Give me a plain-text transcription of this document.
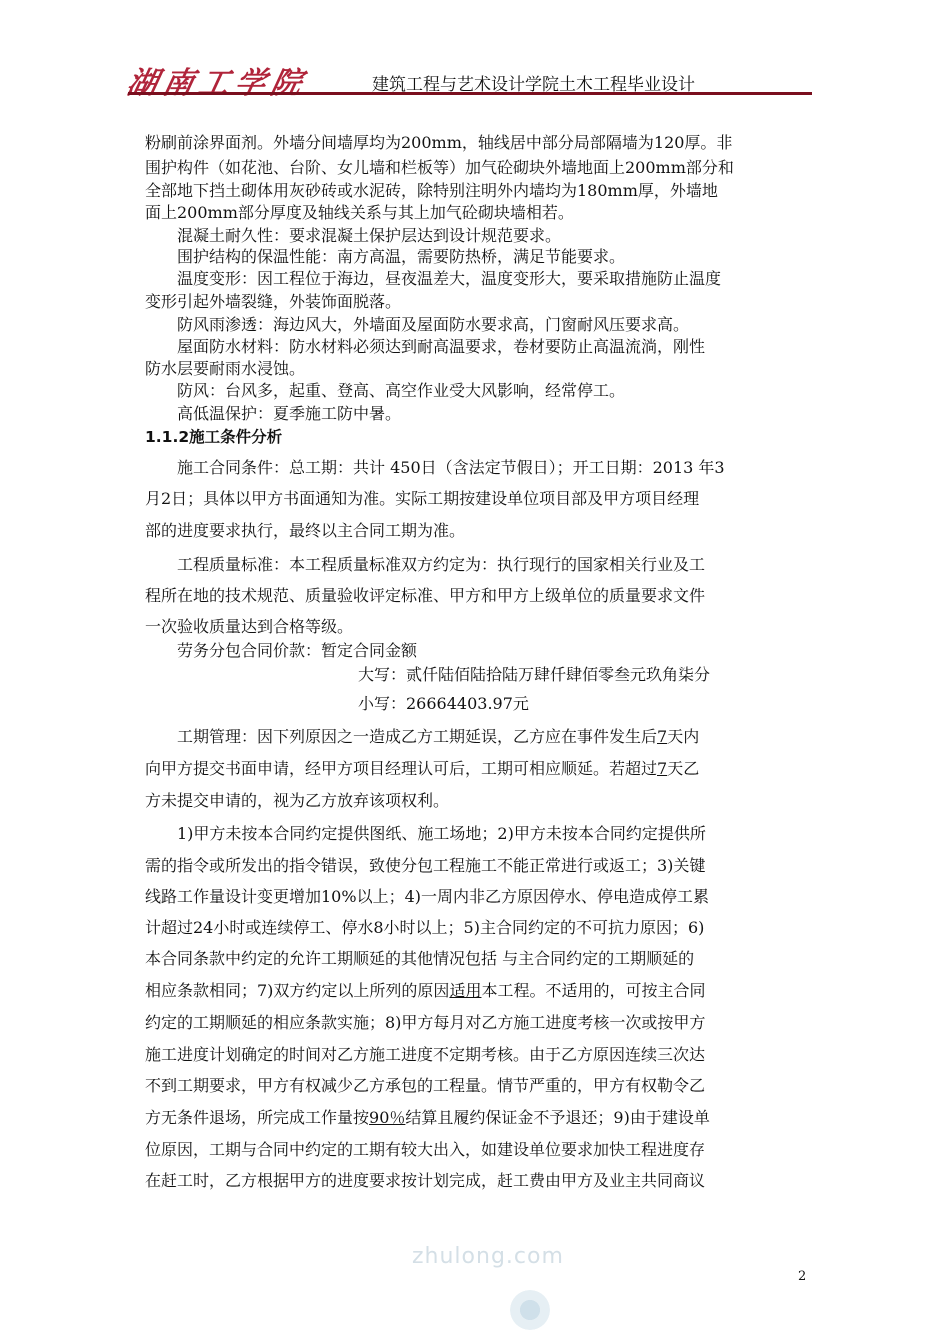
湖南工学院	建筑工程与艺术设计学院土木工程毕业设计
粉刷前涂界面剂。外墙分间墙厚均为200mm，轴线居中部分局部隔墙为120厚。非
围护构件（如花池、台阶、女儿墙和栏板等）加气砼砌块外墙地面上200mm部分和
全部地下挡土砌体用灰砂砖或水泥砖，除特别注明外内墙均为180mm厚，外墙地
面上200mm部分厚度及轴线关系与其上加气砼砌块墙相若。
混凝土耐久性：要求混凝土保护层达到设计规范要求。
围护结构的保温性能：南方高温，需要防热桥，满足节能要求。
温度变形：因工程位于海边，昼夜温差大，温度变形大，要采取措施防止温度
变形引起外墙裂缝，外装饰面脱落。
防风雨渗透：海边风大，外墙面及屋面防水要求高，门窗耐风压要求高。
屋面防水材料：防水材料必须达到耐高温要求，卷材要防止高温流淌，刚性
防水层要耐雨水浸蚀。
防风：台风多，起重、登高、高空作业受大风影响，经常停工。
高低温保护：夏季施工防中暑。
1.1.2施工条件分析
施工合同条件：总工期：共计 450日（含法定节假日）；开工日期：2013 年3
月2日；具体以甲方书面通知为准。实际工期按建设单位项目部及甲方项目经理
部的进度要求执行，最终以主合同工期为准。
工程质量标准：本工程质量标准双方约定为：执行现行的国家相关行业及工
程所在地的技术规范、质量验收评定标准、甲方和甲方上级单位的质量要求文件
一次验收质量达到合格等级。
劳务分包合同价款：暂定合同金额
大写：贰仟陆佰陆拾陆万肆仟肆佰零叁元玖角柒分
小写：26664403.97元
工期管理：因下列原因之一造成乙方工期延误，乙方应在事件发生后7天内
向甲方提交书面申请，经甲方项目经理认可后，工期可相应顺延。若超过7天乙
方未提交申请的，视为乙方放弃该项权利。
1)甲方未按本合同约定提供图纸、施工场地；2)甲方未按本合同约定提供所
需的指令或所发出的指令错误，致使分包工程施工不能正常进行或返工；3)关键
线路工作量设计变更增加10%以上；4)一周内非乙方原因停水、停电造成停工累
计超过24小时或连续停工、停水8小时以上；5)主合同约定的不可抗力原因；6)
本合同条款中约定的允许工期顺延的其他情况包括 与主合同约定的工期顺延的
相应条款相同；7)双方约定以上所列的原因适用本工程。不适用的，可按主合同
约定的工期顺延的相应条款实施；8)甲方每月对乙方施工进度考核一次或按甲方
施工进度计划确定的时间对乙方施工进度不定期考核。由于乙方原因连续三次达
不到工期要求，甲方有权减少乙方承包的工程量。情节严重的，甲方有权勒令乙
方无条件退场，所完成工作量按90％结算且履约保证金不予退还；9)由于建设单
位原因，工期与合同中约定的工期有较大出入，如建设单位要求加快工程进度存
在赶工时，乙方根据甲方的进度要求按计划完成，赶工费由甲方及业主共同商议
zhulong.com
2
